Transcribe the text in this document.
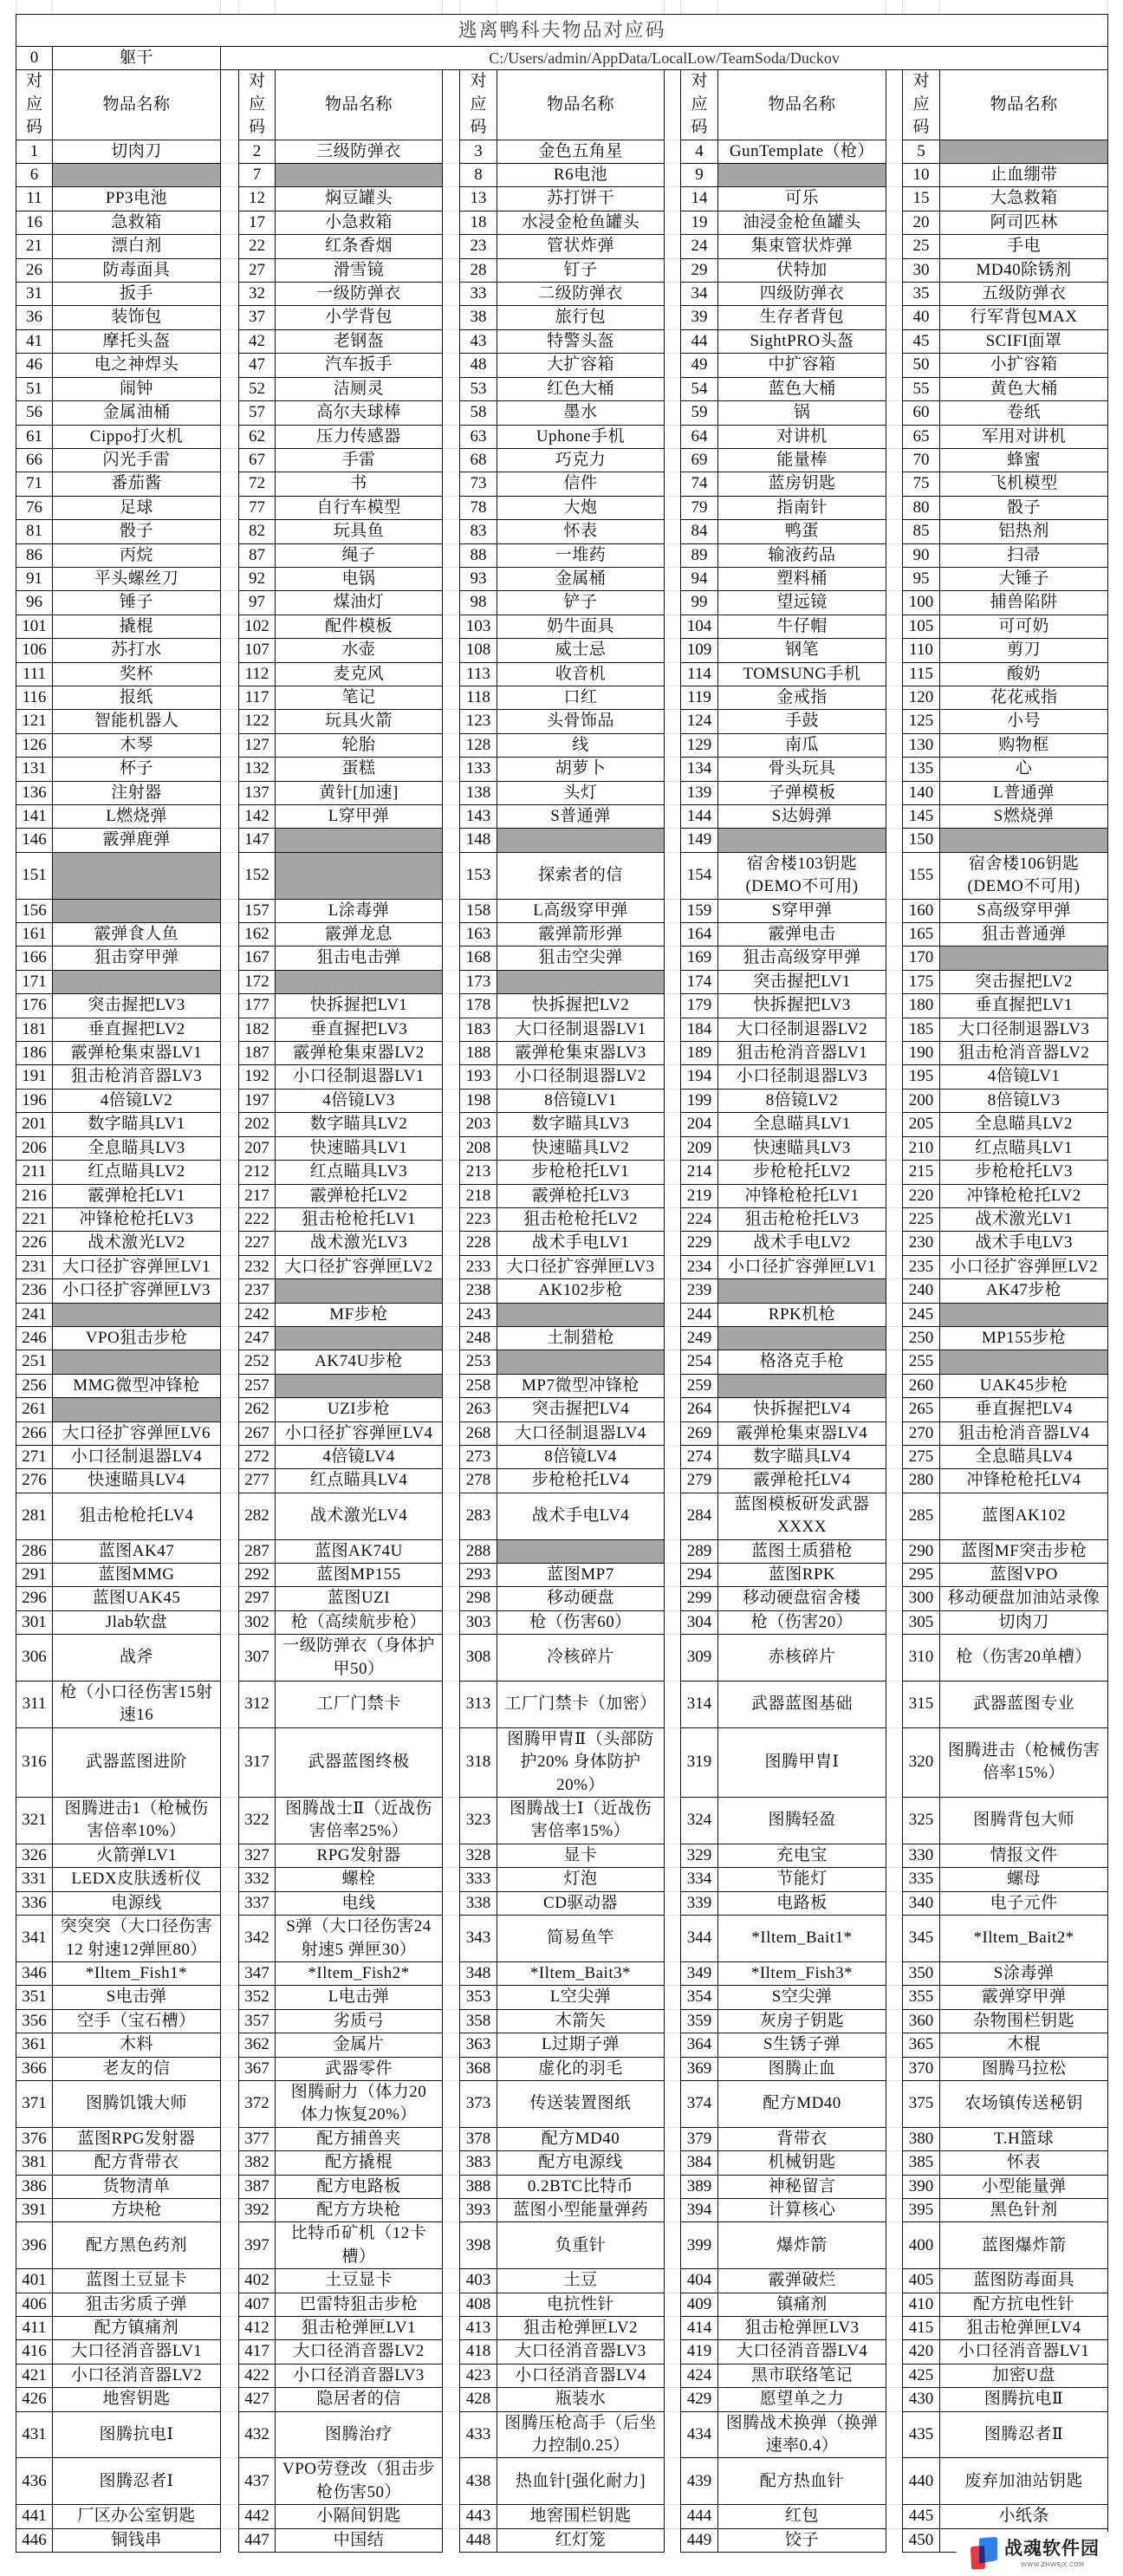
逃离鸭科夫物品对应码													
0	躯干	C:/Users/admin/AppData/LocalLow/TeamSoda/Duckov											
对应码	物品名称		对应码	物品名称		对应码	物品名称		对应码	物品名称		对应码	物品名称
1	切肉刀		2	三级防弹衣		3	金色五角星		4	GunTemplate（枪）		5	
6			7			8	R6电池		9			10	止血绷带
11	PP3电池		12	焖豆罐头		13	苏打饼干		14	可乐		15	大急救箱
16	急救箱		17	小急救箱		18	水浸金枪鱼罐头		19	油浸金枪鱼罐头		20	阿司匹林
21	漂白剂		22	红条香烟		23	管状炸弹		24	集束管状炸弹		25	手电
26	防毒面具		27	滑雪镜		28	钉子		29	伏特加		30	MD40除锈剂
31	扳手		32	一级防弹衣		33	二级防弹衣		34	四级防弹衣		35	五级防弹衣
36	装饰包		37	小学背包		38	旅行包		39	生存者背包		40	行军背包MAX
41	摩托头盔		42	老钢盔		43	特警头盔		44	SightPRO头盔		45	SCIFI面罩
46	电之神焊头		47	汽车扳手		48	大扩容箱		49	中扩容箱		50	小扩容箱
51	闹钟		52	洁厕灵		53	红色大桶		54	蓝色大桶		55	黄色大桶
56	金属油桶		57	高尔夫球棒		58	墨水		59	锅		60	卷纸
61	Cippo打火机		62	压力传感器		63	Uphone手机		64	对讲机		65	军用对讲机
66	闪光手雷		67	手雷		68	巧克力		69	能量棒		70	蜂蜜
71	番茄酱		72	书		73	信件		74	蓝房钥匙		75	飞机模型
76	足球		77	自行车模型		78	大炮		79	指南针		80	骰子
81	骰子		82	玩具鱼		83	怀表		84	鸭蛋		85	铝热剂
86	丙烷		87	绳子		88	一堆药		89	输液药品		90	扫帚
91	平头螺丝刀		92	电锅		93	金属桶		94	塑料桶		95	大锤子
96	锤子		97	煤油灯		98	铲子		99	望远镜		100	捕兽陷阱
101	撬棍		102	配件模板		103	奶牛面具		104	牛仔帽		105	可可奶
106	苏打水		107	水壶		108	威士忌		109	钢笔		110	剪刀
111	奖杯		112	麦克风		113	收音机		114	TOMSUNG手机		115	酸奶
116	报纸		117	笔记		118	口红		119	金戒指		120	花花戒指
121	智能机器人		122	玩具火箭		123	头骨饰品		124	手鼓		125	小号
126	木琴		127	轮胎		128	线		129	南瓜		130	购物框
131	杯子		132	蛋糕		133	胡萝卜		134	骨头玩具		135	心
136	注射器		137	黄针[加速]		138	头灯		139	子弹模板		140	L普通弹
141	L燃烧弹		142	L穿甲弹		143	S普通弹		144	S达姆弹		145	S燃烧弹
146	霰弹鹿弹		147			148			149			150	
151			152			153	探索者的信		154	宿舍楼103钥匙(DEMO不可用)		155	宿舍楼106钥匙(DEMO不可用)
156			157	L涂毒弹		158	L高级穿甲弹		159	S穿甲弹		160	S高级穿甲弹
161	霰弹食人鱼		162	霰弹龙息		163	霰弹箭形弹		164	霰弹电击		165	狙击普通弹
166	狙击穿甲弹		167	狙击电击弹		168	狙击空尖弹		169	狙击高级穿甲弹		170	
171			172			173			174	突击握把LV1		175	突击握把LV2
176	突击握把LV3		177	快拆握把LV1		178	快拆握把LV2		179	快拆握把LV3		180	垂直握把LV1
181	垂直握把LV2		182	垂直握把LV3		183	大口径制退器LV1		184	大口径制退器LV2		185	大口径制退器LV3
186	霰弹枪集束器LV1		187	霰弹枪集束器LV2		188	霰弹枪集束器LV3		189	狙击枪消音器LV1		190	狙击枪消音器LV2
191	狙击枪消音器LV3		192	小口径制退器LV1		193	小口径制退器LV2		194	小口径制退器LV3		195	4倍镜LV1
196	4倍镜LV2		197	4倍镜LV3		198	8倍镜LV1		199	8倍镜LV2		200	8倍镜LV3
201	数字瞄具LV1		202	数字瞄具LV2		203	数字瞄具LV3		204	全息瞄具LV1		205	全息瞄具LV2
206	全息瞄具LV3		207	快速瞄具LV1		208	快速瞄具LV2		209	快速瞄具LV3		210	红点瞄具LV1
211	红点瞄具LV2		212	红点瞄具LV3		213	步枪枪托LV1		214	步枪枪托LV2		215	步枪枪托LV3
216	霰弹枪托LV1		217	霰弹枪托LV2		218	霰弹枪托LV3		219	冲锋枪枪托LV1		220	冲锋枪枪托LV2
221	冲锋枪枪托LV3		222	狙击枪枪托LV1		223	狙击枪枪托LV2		224	狙击枪枪托LV3		225	战术激光LV1
226	战术激光LV2		227	战术激光LV3		228	战术手电LV1		229	战术手电LV2		230	战术手电LV3
231	大口径扩容弹匣LV1		232	大口径扩容弹匣LV2		233	大口径扩容弹匣LV3		234	小口径扩容弹匣LV1		235	小口径扩容弹匣LV2
236	小口径扩容弹匣LV3		237			238	AK102步枪		239			240	AK47步枪
241			242	MF步枪		243			244	RPK机枪		245	
246	VPO狙击步枪		247			248	土制猎枪		249			250	MP155步枪
251			252	AK74U步枪		253			254	格洛克手枪		255	
256	MMG微型冲锋枪		257			258	MP7微型冲锋枪		259			260	UAK45步枪
261			262	UZI步枪		263	突击握把LV4		264	快拆握把LV4		265	垂直握把LV4
266	大口径扩容弹匣LV6		267	小口径扩容弹匣LV4		268	大口径制退器LV4		269	霰弹枪集束器LV4		270	狙击枪消音器LV4
271	小口径制退器LV4		272	4倍镜LV4		273	8倍镜LV4		274	数字瞄具LV4		275	全息瞄具LV4
276	快速瞄具LV4		277	红点瞄具LV4		278	步枪枪托LV4		279	霰弹枪托LV4		280	冲锋枪枪托LV4
281	狙击枪枪托LV4		282	战术激光LV4		283	战术手电LV4		284	蓝图模板研发武器XXXX		285	蓝图AK102
286	蓝图AK47		287	蓝图AK74U		288			289	蓝图土质猎枪		290	蓝图MF突击步枪
291	蓝图MMG		292	蓝图MP155		293	蓝图MP7		294	蓝图RPK		295	蓝图VPO
296	蓝图UAK45		297	蓝图UZI		298	移动硬盘		299	移动硬盘宿舍楼		300	移动硬盘加油站录像
301	Jlab软盘		302	枪（高续航步枪）		303	枪（伤害60）		304	枪（伤害20）		305	切肉刀
306	战斧		307	一级防弹衣（身体护甲50）		308	冷核碎片		309	赤核碎片		310	枪（伤害20单槽）
311	枪（小口径伤害15射速16		312	工厂门禁卡		313	工厂门禁卡（加密）		314	武器蓝图基础		315	武器蓝图专业
316	武器蓝图进阶		317	武器蓝图终极		318	图腾甲胄Ⅱ（头部防护20% 身体防护20%）		319	图腾甲胄Ⅰ		320	图腾进击（枪械伤害倍率15%）
321	图腾进击1（枪械伤害倍率10%）		322	图腾战士Ⅱ（近战伤害倍率25%）		323	图腾战士Ⅰ（近战伤害倍率15%）		324	图腾轻盈		325	图腾背包大师
326	火箭弹LV1		327	RPG发射器		328	显卡		329	充电宝		330	情报文件
331	LEDX皮肤透析仪		332	螺栓		333	灯泡		334	节能灯		335	螺母
336	电源线		337	电线		338	CD驱动器		339	电路板		340	电子元件
341	突突突（大口径伤害12 射速12弹匣80）		342	S弹（大口径伤害24 射速5 弹匣30）		343	简易鱼竿		344	*Iltem_Bait1*		345	*Iltem_Bait2*
346	*Iltem_Fish1*		347	*Iltem_Fish2*		348	*Iltem_Bait3*		349	*Iltem_Fish3*		350	S涂毒弹
351	S电击弹		352	L电击弹		353	L空尖弹		354	S空尖弹		355	霰弹穿甲弹
356	空手（宝石槽）		357	劣质弓		358	木箭矢		359	灰房子钥匙		360	杂物围栏钥匙
361	木料		362	金属片		363	L过期子弹		364	S生锈子弹		365	木棍
366	老友的信		367	武器零件		368	虚化的羽毛		369	图腾止血		370	图腾马拉松
371	图腾饥饿大师		372	图腾耐力（体力20 体力恢复20%）		373	传送装置图纸		374	配方MD40		375	农场镇传送秘钥
376	蓝图RPG发射器		377	配方捕兽夹		378	配方MD40		379	背带衣		380	T.H篮球
381	配方背带衣		382	配方撬棍		383	配方电源线		384	机械钥匙		385	怀表
386	货物清单		387	配方电路板		388	0.2BTC比特币		389	神秘留言		390	小型能量弹
391	方块枪		392	配方方块枪		393	蓝图小型能量弹药		394	计算核心		395	黑色针剂
396	配方黑色药剂		397	比特币矿机（12卡槽）		398	负重针		399	爆炸箭		400	蓝图爆炸箭
401	蓝图土豆显卡		402	土豆显卡		403	土豆		404	霰弹破烂		405	蓝图防毒面具
406	狙击劣质子弹		407	巴雷特狙击步枪		408	电抗性针		409	镇痛剂		410	配方抗电性针
411	配方镇痛剂		412	狙击枪弹匣LV1		413	狙击枪弹匣LV2		414	狙击枪弹匣LV3		415	狙击枪弹匣LV4
416	大口径消音器LV1		417	大口径消音器LV2		418	大口径消音器LV3		419	大口径消音器LV4		420	小口径消音器LV1
421	小口径消音器LV2		422	小口径消音器LV3		423	小口径消音器LV4		424	黑市联络笔记		425	加密U盘
426	地窖钥匙		427	隐居者的信		428	瓶装水		429	愿望单之力		430	图腾抗电Ⅱ
431	图腾抗电Ⅰ		432	图腾治疗		433	图腾压枪高手（后坐力控制0.25）		434	图腾战术换弹（换弹速率0.4）		435	图腾忍者Ⅱ
436	图腾忍者Ⅰ		437	VPO劳登改（狙击步枪伤害50）		438	热血针[强化耐力]		439	配方热血针		440	废弃加油站钥匙
441	厂区办公室钥匙		442	小隔间钥匙		443	地窖围栏钥匙		444	红包		445	小纸条
446	铜钱串		447	中国结		448	红灯笼		449	饺子		450		战魂软件园
WWW.ZHWSJX.COM
